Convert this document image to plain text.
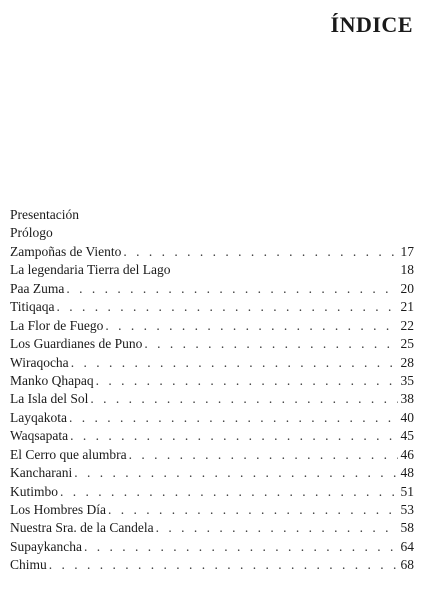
ÍNDICE
Presentación
Prólogo
Zampoñas de Viento . . .	17
La legendaria Tierra del Lago	18
Paa Zuma . . .	20
Titiqaqa . . .	21
La Flor de Fuego . . .	22
Los Guardianes de Puno . . .	25
Wiraqocha . . .	28
Manko Qhapaq . . .	35
La Isla del Sol . . .	38
Layqakota . . .	40
Waqsapata . . .	45
El Cerro que alumbra . . .	46
Kancharani . . .	48
Kutimbo . . .	51
Los Hombres Día . . .	53
Nuestra Sra. de la Candela . . .	58
Supaykancha . . .	64
Chimu . . .	68
